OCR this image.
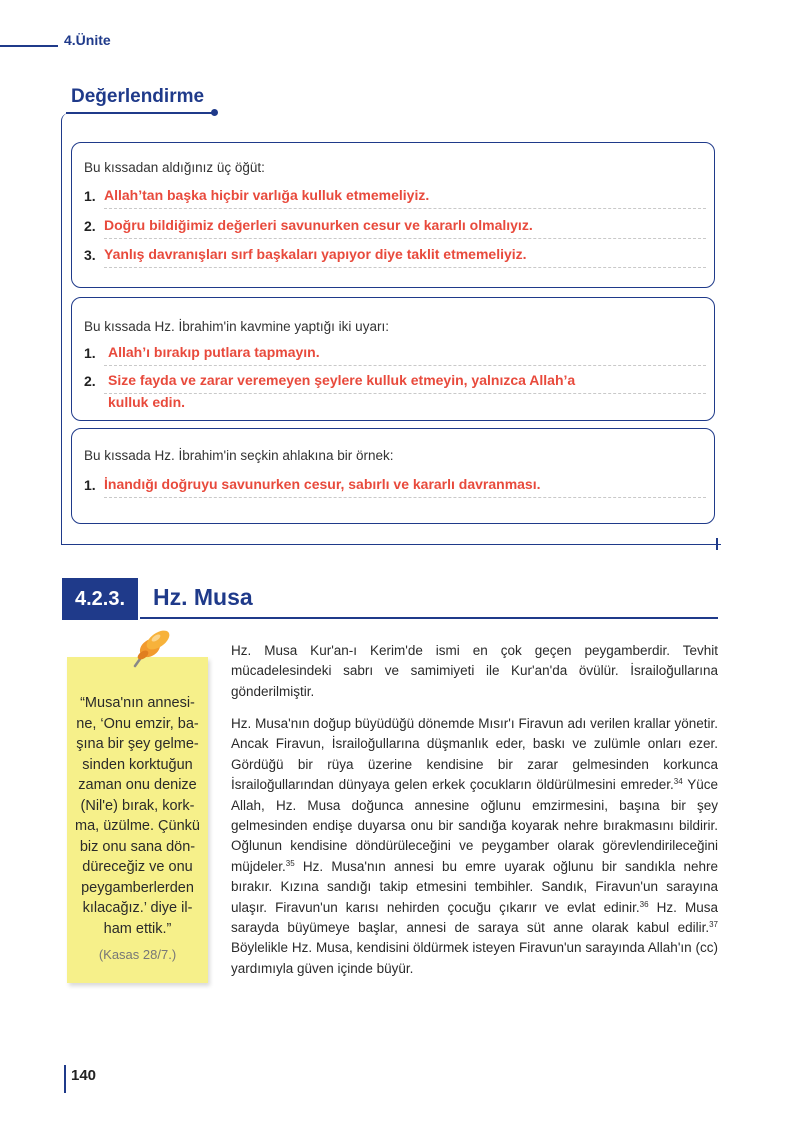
4.Ünite
Değerlendirme
Bu kıssadan aldığınız üç öğüt:
1. Allah’tan başka hiçbir varlığa kulluk etmemeliyiz.
2. Doğru bildiğimiz değerleri savunurken cesur ve kararlı olmalıyız.
3. Yanlış davranışları sırf başkaları yapıyor diye taklit etmemeliyiz.
Bu kıssada Hz. İbrahim'in kavmine yaptığı iki uyarı:
1. Allah’ı bırakıp putlara tapmayın.
2. Size fayda ve zarar veremeyen şeylere kulluk etmeyin, yalnızca Allah’a
kulluk edin.
Bu kıssada Hz. İbrahim'in seçkin ahlakına bir örnek:
1. İnandığı doğruyu savunurken cesur, sabırlı ve kararlı davranması.
4.2.3.	Hz. Musa
“Musa'nın annesi-
ne, ‘Onu emzir, ba-
şına bir şey gelme-
sinden korktuğun
zaman onu denize
(Nil'e) bırak, kork-
ma, üzülme. Çünkü
biz onu sana dön-
düreceğiz ve onu
peygamberlerden
kılacağız.’ diye il-
ham ettik.”
(Kasas 28/7.)
Hz. Musa Kur'an-ı Kerim'de ismi en çok geçen peygamberdir. Tevhit mücadelesindeki sabrı ve samimiyeti ile Kur'an'da övülür. İsrailoğullarına gönderilmiştir.
Hz. Musa'nın doğup büyüdüğü dönemde Mısır'ı Firavun adı verilen krallar yönetir. Ancak Firavun, İsrailoğullarına düşmanlık eder, baskı ve zulümle onları ezer. Gördüğü bir rüya üzerine kendisine bir zarar gelmesinden korkunca İsrailoğullarından dünyaya gelen erkek çocukların öldürülmesini emreder.$^{34}$ Yüce Allah, Hz. Musa doğunca annesine oğlunu emzirmesini, başına bir şey gelmesinden endişe duyarsa onu bir sandığa koyarak nehre bırakmasını bildirir. Oğlunun kendisine döndürüleceğini ve peygamber olarak görevlendirileceğini müjdeler.$^{35}$ Hz. Musa'nın annesi bu emre uyarak oğlunu bir sandıkla nehre bırakır. Kızına sandığı takip etmesini tembihler. Sandık, Firavun'un sarayına ulaşır. Firavun'un karısı nehirden çocuğu çıkarır ve evlat edinir.$^{36}$ Hz. Musa sarayda büyümeye başlar, annesi de saraya süt anne olarak kabul edilir.$^{37}$ Böylelikle Hz. Musa, kendisini öldürmek isteyen Firavun'un sarayında Allah'ın (cc) yardımıyla güven içinde büyür.
140
